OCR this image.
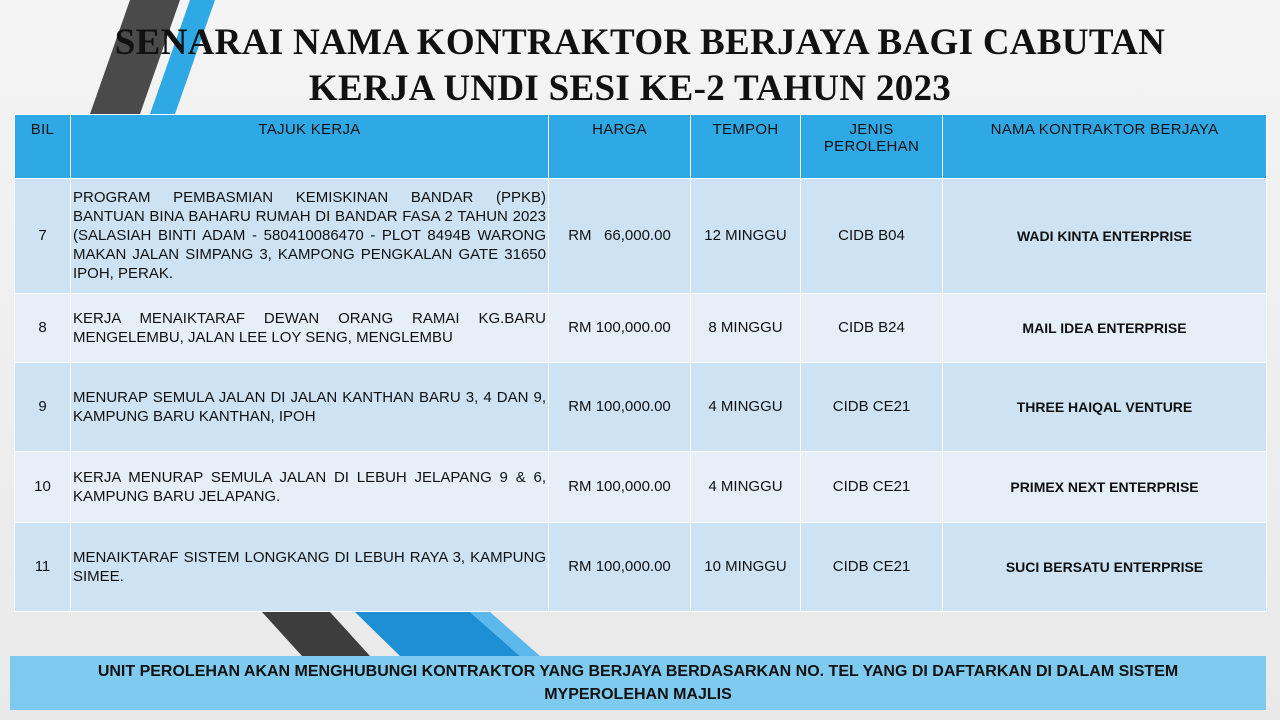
SENARAI NAMA KONTRAKTOR BERJAYA BAGI CABUTAN

KERJA UNDI SESI KE-2 TAHUN 2023
BIL	TAJUK KERJA	HARGA	TEMPOH	JENIS PEROLEHAN	NAMA KONTRAKTOR BERJAYA
7	PROGRAM PEMBASMIAN KEMISKINAN BANDAR (PPKB) BANTUAN BINA BAHARU RUMAH DI BANDAR FASA 2 TAHUN 2023 (SALASIAH BINTI ADAM - 580410086470 - PLOT 8494B WARONG MAKAN JALAN SIMPANG 3, KAMPONG PENGKALAN GATE 31650 IPOH, PERAK.	RM   66,000.00	12 MINGGU	CIDB B04	WADI KINTA ENTERPRISE
8	KERJA MENAIKTARAF DEWAN ORANG RAMAI KG.BARU MENGELEMBU, JALAN LEE LOY SENG, MENGLEMBU	RM 100,000.00	8 MINGGU	CIDB B24	MAIL IDEA ENTERPRISE
9	MENURAP SEMULA JALAN DI JALAN KANTHAN BARU 3, 4 DAN 9, KAMPUNG BARU KANTHAN, IPOH	RM 100,000.00	4 MINGGU	CIDB CE21	THREE HAIQAL VENTURE
10	KERJA MENURAP SEMULA JALAN DI LEBUH JELAPANG 9 & 6, KAMPUNG BARU JELAPANG.	RM 100,000.00	4 MINGGU	CIDB CE21	PRIMEX NEXT ENTERPRISE
11	MENAIKTARAF SISTEM LONGKANG DI LEBUH RAYA 3, KAMPUNG SIMEE.	RM 100,000.00	10 MINGGU	CIDB CE21	SUCI BERSATU ENTERPRISE
UNIT PEROLEHAN AKAN MENGHUBUNGI KONTRAKTOR YANG BERJAYA BERDASARKAN NO. TEL YANG DI DAFTARKAN DI DALAM SISTEM
MYPEROLEHAN MAJLIS
